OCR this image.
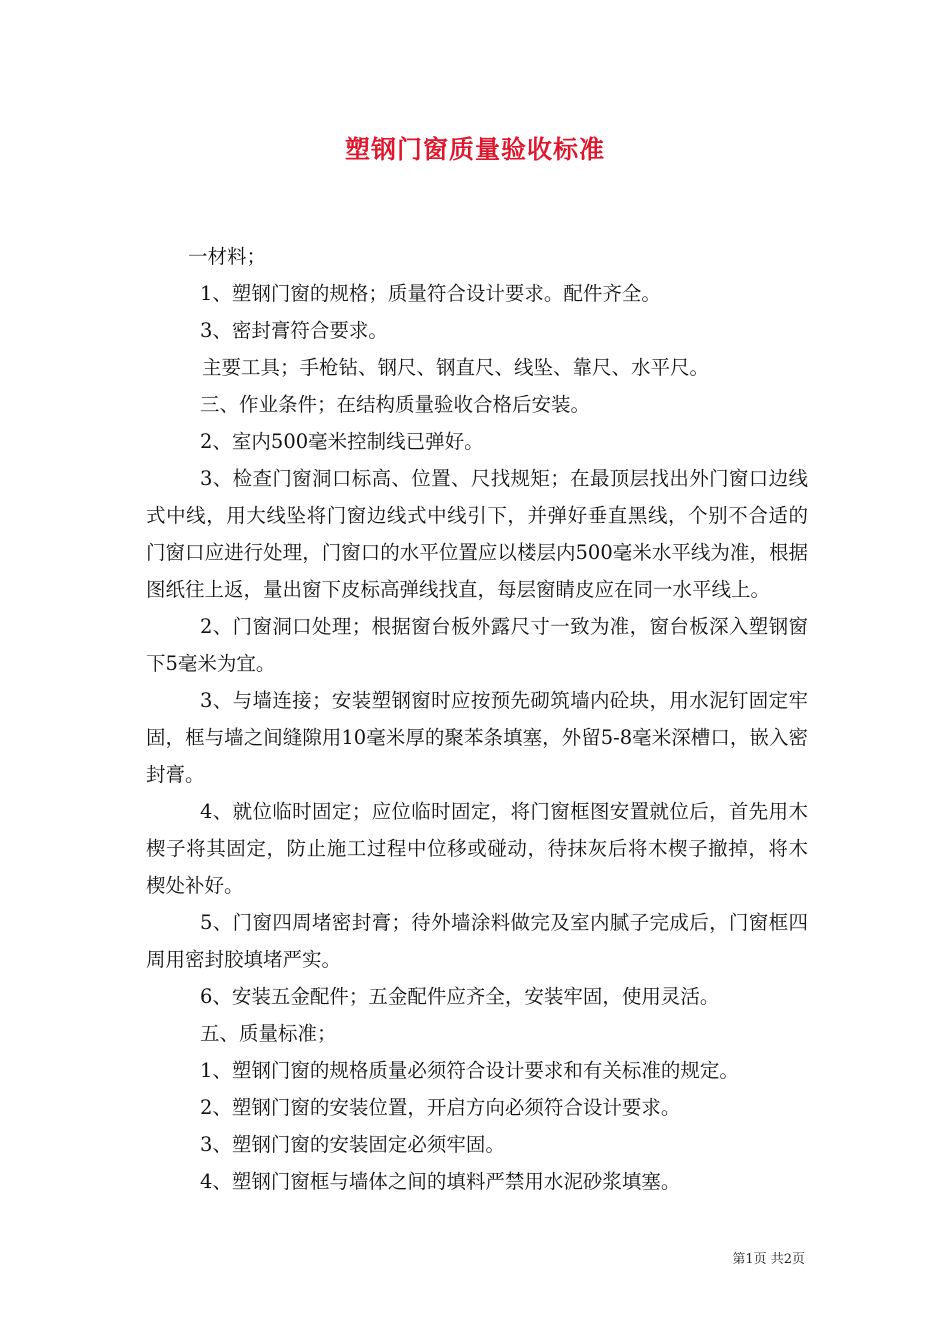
塑钢门窗质量验收标准

一材料；

1、塑钢门窗的规格；质量符合设计要求。配件齐全。

3、密封膏符合要求。

主要工具；手枪钻、钢尺、钢直尺、线坠、靠尺、水平尺。

三、作业条件；在结构质量验收合格后安装。

2、室内500毫米控制线已弹好。

3、检查门窗洞口标高、位置、尺找规矩；在最顶层找出外门窗口边线式中线，用大线坠将门窗边线式中线引下，并弹好垂直黑线，个别不合适的门窗口应进行处理，门窗口的水平位置应以楼层内500毫米水平线为准，根据图纸往上返，量出窗下皮标高弹线找直，每层窗睛皮应在同一水平线上。

2、门窗洞口处理；根据窗台板外露尺寸一致为准，窗台板深入塑钢窗下5毫米为宜。

3、与墙连接；安装塑钢窗时应按预先砌筑墙内砼块，用水泥钉固定牢固，框与墙之间缝隙用10毫米厚的聚苯条填塞，外留5-8毫米深槽口，嵌入密封膏。

4、就位临时固定；应位临时固定，将门窗框图安置就位后，首先用木楔子将其固定，防止施工过程中位移或碰动，待抹灰后将木楔子撤掉，将木楔处补好。

5、门窗四周堵密封膏；待外墙涂料做完及室内腻子完成后，门窗框四周用密封胶填堵严实。

6、安装五金配件；五金配件应齐全，安装牢固，使用灵活。

五、质量标准；

1、塑钢门窗的规格质量必须符合设计要求和有关标准的规定。

2、塑钢门窗的安装位置，开启方向必须符合设计要求。

3、塑钢门窗的安装固定必须牢固。

4、塑钢门窗框与墙体之间的填料严禁用水泥砂浆填塞。

第1页 共2页
